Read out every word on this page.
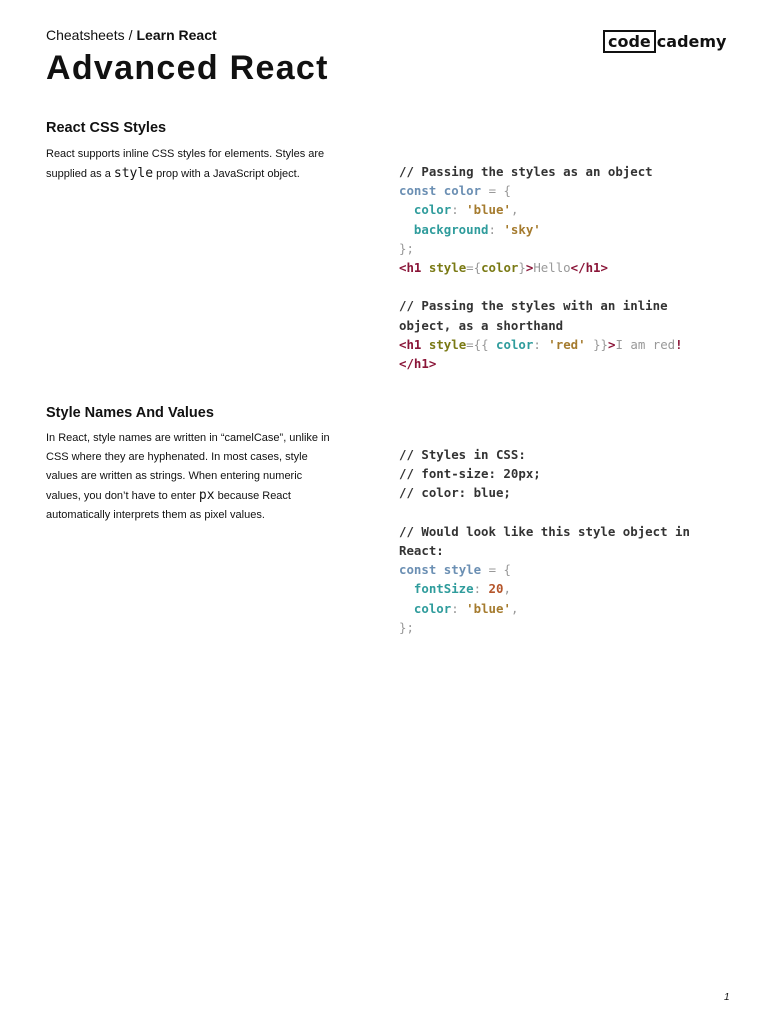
Cheatsheets / Learn React	code cademy
Advanced React
React CSS Styles

React supports inline CSS styles for elements. Styles are supplied as a style prop with a JavaScript object.	// Passing the styles as an object
const color = {
color: 'blue',
background: 'sky'
};
<h1 style={color}>Hello</h1>

// Passing the styles with an inline
object, as a shorthand
<h1 style={{ color: 'red' }}>I am red!
</h1>
Style Names And Values

In React, style names are written in “camelCase”, unlike in CSS where they are hyphenated. In most cases, style values are written as strings. When entering numeric values, you don’t have to enter px because React automatically interprets them as pixel values.

// Styles in CSS:
// font-size: 20px;
// color: blue;

// Would look like this style object in
React:
const style = {
fontSize: 20,
color: 'blue',
};
1
